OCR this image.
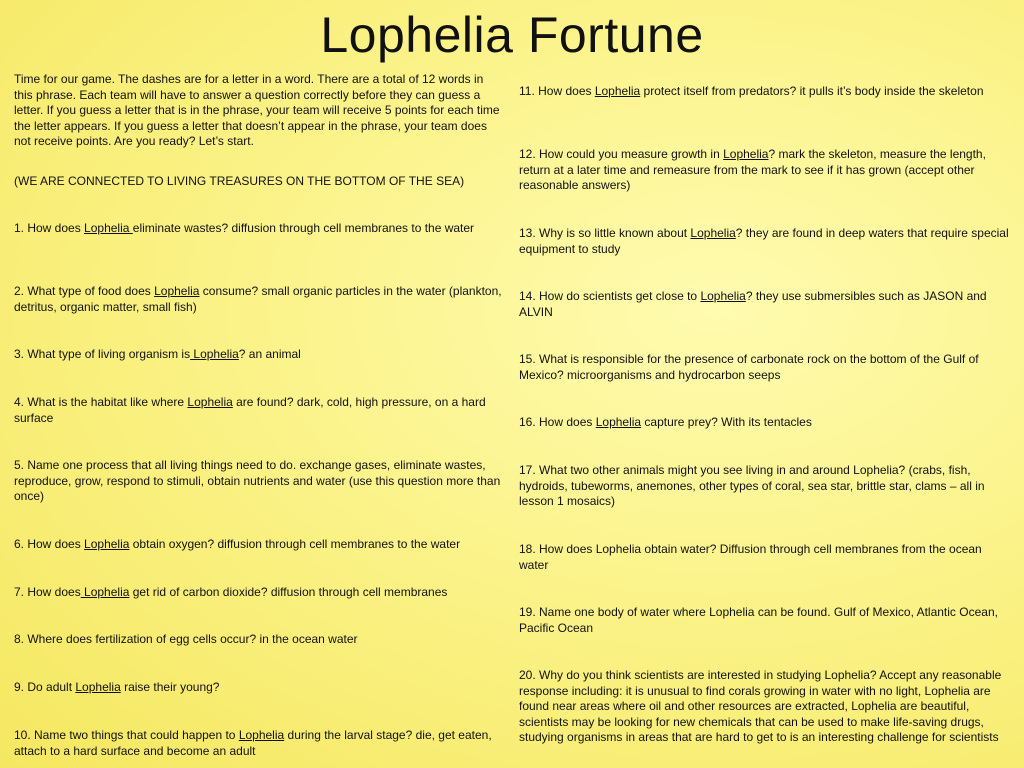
Lophelia Fortune

Time for our game. The dashes are for a letter in a word. There are a total of 12 words in this phrase. Each team will have to answer a question correctly before they can guess a letter. If you guess a letter that is in the phrase, your team will receive 5 points for each time the letter appears. If you guess a letter that doesn’t appear in the phrase, your team does not receive points. Are you ready? Let’s start.

(WE ARE CONNECTED TO LIVING TREASURES ON THE BOTTOM OF THE SEA)

1. How does Lophelia eliminate wastes? diffusion through cell membranes to the water

2. What type of food does Lophelia consume? small organic particles in the water (plankton, detritus, organic matter, small fish)

3. What type of living organism is Lophelia? an animal

4. What is the habitat like where Lophelia are found? dark, cold, high pressure, on a hard surface

5. Name one process that all living things need to do. exchange gases, eliminate wastes, reproduce, grow, respond to stimuli, obtain nutrients and water (use this question more than once)

6. How does Lophelia obtain oxygen? diffusion through cell membranes to the water

7. How does Lophelia get rid of carbon dioxide? diffusion through cell membranes

8. Where does fertilization of egg cells occur? in the ocean water

9. Do adult Lophelia raise their young?

10. Name two things that could happen to Lophelia during the larval stage? die, get eaten, attach to a hard surface and become an adult

11. How does Lophelia protect itself from predators? it pulls it’s body inside the skeleton

12. How could you measure growth in Lophelia? mark the skeleton, measure the length, return at a later time and remeasure from the mark to see if it has grown (accept other reasonable answers)

13. Why is so little known about Lophelia? they are found in deep waters that require special equipment to study

14. How do scientists get close to Lophelia? they use submersibles such as JASON and ALVIN

15. What is responsible for the presence of carbonate rock on the bottom of the Gulf of Mexico? microorganisms and hydrocarbon seeps

16. How does Lophelia capture prey? With its tentacles

17. What two other animals might you see living in and around Lophelia? (crabs, fish, hydroids, tubeworms, anemones, other types of coral, sea star, brittle star, clams – all in lesson 1 mosaics)

18. How does Lophelia obtain water? Diffusion through cell membranes from the ocean water

19. Name one body of water where Lophelia can be found. Gulf of Mexico, Atlantic Ocean, Pacific Ocean

20. Why do you think scientists are interested in studying Lophelia? Accept any reasonable response including: it is unusual to find corals growing in water with no light, Lophelia are found near areas where oil and other resources are extracted, Lophelia are beautiful, scientists may be looking for new chemicals that can be used to make life-saving drugs, studying organisms in areas that are hard to get to is an interesting challenge for scientists
